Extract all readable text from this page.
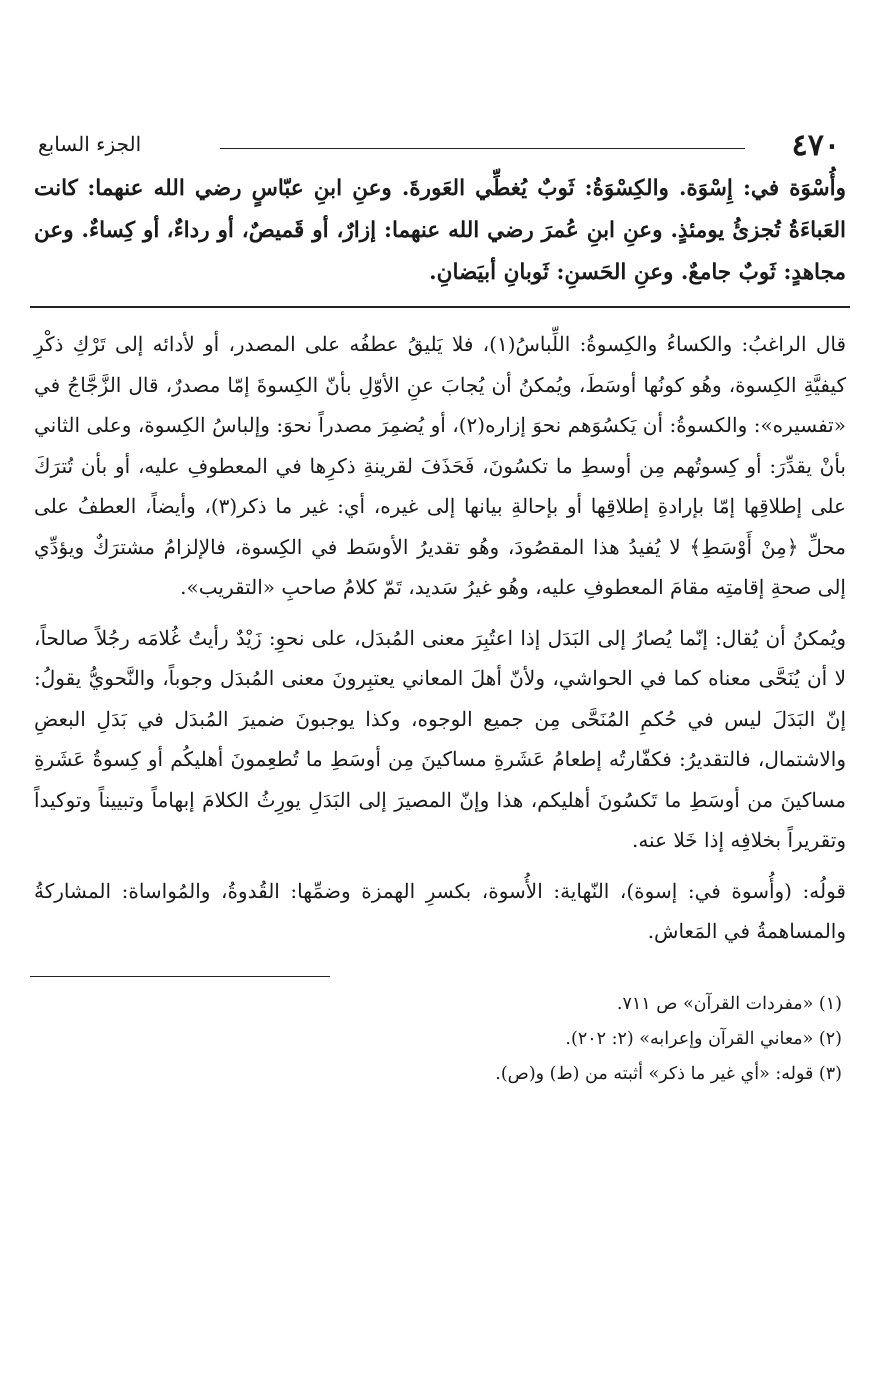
٤٧٠
الجزء السابع
وأُسْوَة في: إِسْوَة. والكِسْوَةُ: ثَوبٌ يُغطِّي العَورةَ. وعنِ ابنِ عبّاسٍ رضي الله عنهما: كانت العَباءَةُ تُجزئُ يومئذٍ. وعنِ ابنِ عُمرَ رضي الله عنهما: إزارٌ، أو قَميصٌ، أو رداءٌ، أو كِساءٌ. وعن مجاهدٍ: ثَوبٌ جامعٌ. وعنِ الحَسنِ: ثَوبانِ أبيَضانِ.

قال الراغبُ: والكساءُ والكِسوةُ: اللِّباسُ(١)، فلا يَليقُ عطفُه على المصدر، أو لأدائه إلى تَرْكِ ذكْرِ كيفيَّةِ الكِسوة، وهُو كونُها أوسَطَ، ويُمكنُ أن يُجابَ عنِ الأوّلِ بأنّ الكِسوةَ إمّا مصدرٌ، قال الزَّجَّاجُ في «تفسيره»: والكسوةُ: أن يَكسُوَهم نحوَ إزاره(٢)، أو يُضمِرَ مصدراً نحوَ: وإلباسُ الكِسوة، وعلى الثاني بأنْ يقدِّرَ: أو كِسوتُهم مِن أوسطِ ما تكسُونَ، فَحَذَفَ لقرينةِ ذكرِها في المعطوفِ عليه، أو بأن تُترَكَ على إطلاقِها إمّا بإرادةِ إطلاقِها أو بإحالةِ بيانها إلى غيره، أي: غير ما ذكر(٣)، وأيضاً، العطفُ على محلِّ ﴿مِنْ أَوْسَطِ﴾ لا يُفيدُ هذا المقصُودَ، وهُو تقديرُ الأوسَط في الكِسوة، فالإلزامُ مشترَكٌ ويؤدِّي إلى صحةِ إقامتِه مقامَ المعطوفِ عليه، وهُو غيرُ سَديد، تَمّ كلامُ صاحبِ «التقريب».

ويُمكنُ أن يُقال: إنّما يُصارُ إلى البَدَل إذا اعتُبِرَ معنى المُبدَل، على نحوِ: زَيْدٌ رأيتُ غُلامَه رجُلاً صالحاً، لا أن يُنَحَّى معناه كما في الحواشي، ولأنّ أهلَ المعاني يعتبِرونَ معنى المُبدَل وجوباً، والنَّحويُّ يقولُ: إنّ البَدَلَ ليس في حُكمِ المُنَحَّى مِن جميع الوجوه، وكذا يوجبونَ ضميرَ المُبدَل في بَدَلِ البعضِ والاشتمال، فالتقديرُ: فكفّارتُه إطعامُ عَشَرةِ مساكينَ مِن أوسَطِ ما تُطعِمونَ أهليكُم أو كِسوةُ عَشَرةِ مساكينَ من أوسَطِ ما تَكسُونَ أهليكم، هذا وإنّ المصيرَ إلى البَدَلِ يورِثُ الكلامَ إبهاماً وتبييناً وتوكيداً وتقريراً بخلافِه إذا خَلا عنه.

قولُه: (وأُسوة في: إسوة)، النّهاية: الأُسوة، بكسرِ الهمزة وضمِّها: القُدوةُ، والمُواساة: المشاركةُ والمساهمةُ في المَعاش.

(١) «مفردات القرآن» ص ٧١١.
(٢) «معاني القرآن وإعرابه» (٢: ٢٠٢).
(٣) قوله: «أي غير ما ذكر» أثبته من (ط) و(ص).
